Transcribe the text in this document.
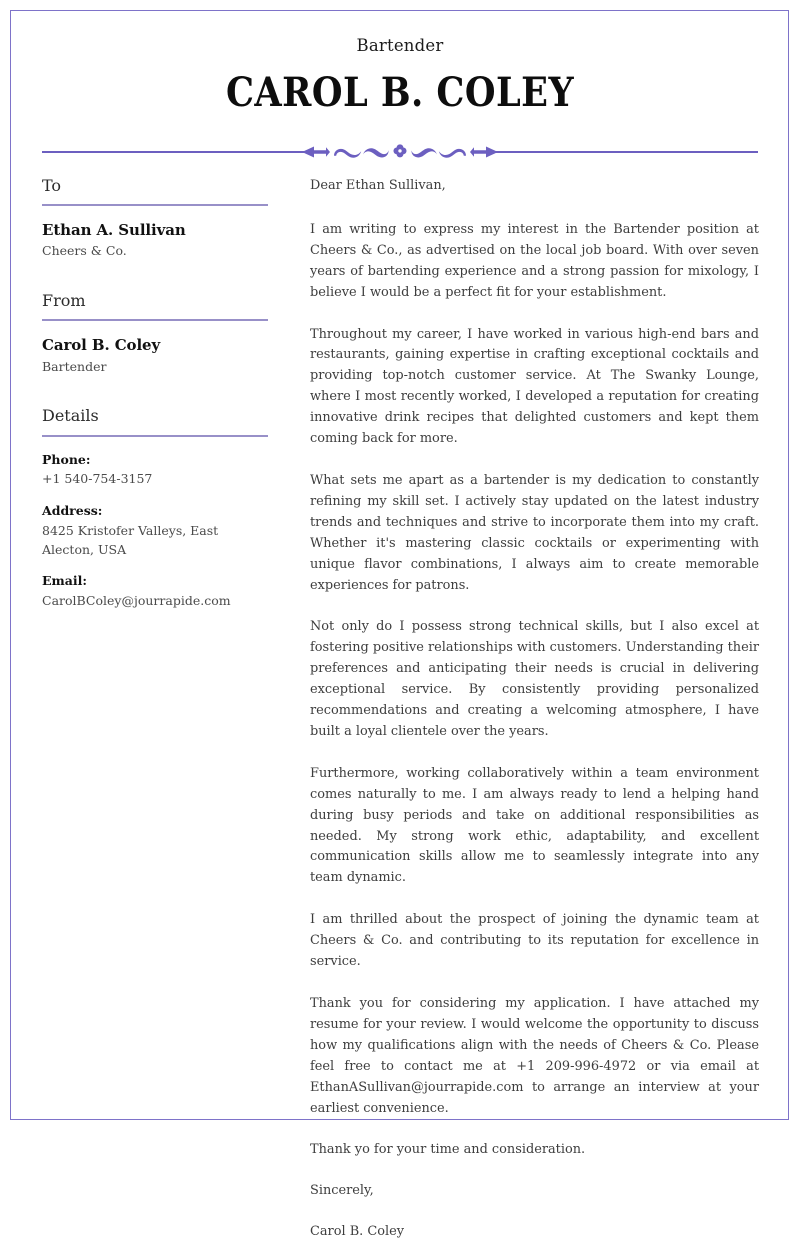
Bartender
CAROL B. COLEY
To
Ethan A. Sullivan
Cheers & Co.
From
Carol B. Coley
Bartender
Details
Phone:
+1 540-754-3157
Address:
8425 Kristofer Valleys, East Alecton, USA
Email:
CarolBColey@jourrapide.com

Dear Ethan Sullivan,

I am writing to express my interest in the Bartender position at Cheers & Co., as advertised on the local job board. With over seven years of bartending experience and a strong passion for mixology, I believe I would be a perfect fit for your establishment.

Throughout my career, I have worked in various high-end bars and restaurants, gaining expertise in crafting exceptional cocktails and providing top-notch customer service. At The Swanky Lounge, where I most recently worked, I developed a reputation for creating innovative drink recipes that delighted customers and kept them coming back for more.

What sets me apart as a bartender is my dedication to constantly refining my skill set. I actively stay updated on the latest industry trends and techniques and strive to incorporate them into my craft. Whether it's mastering classic cocktails or experimenting with unique flavor combinations, I always aim to create memorable experiences for patrons.

Not only do I possess strong technical skills, but I also excel at fostering positive relationships with customers. Understanding their preferences and anticipating their needs is crucial in delivering exceptional service. By consistently providing personalized recommendations and creating a welcoming atmosphere, I have built a loyal clientele over the years.

Furthermore, working collaboratively within a team environment comes naturally to me. I am always ready to lend a helping hand during busy periods and take on additional responsibilities as needed. My strong work ethic, adaptability, and excellent communication skills allow me to seamlessly integrate into any team dynamic.

I am thrilled about the prospect of joining the dynamic team at Cheers & Co. and contributing to its reputation for excellence in service.

Thank you for considering my application. I have attached my resume for your review. I would welcome the opportunity to discuss how my qualifications align with the needs of Cheers & Co. Please feel free to contact me at +1 209-996-4972 or via email at EthanASullivan@jourrapide.com to arrange an interview at your earliest convenience.

Thank yo for your time and consideration.

Sincerely,

Carol B. Coley
